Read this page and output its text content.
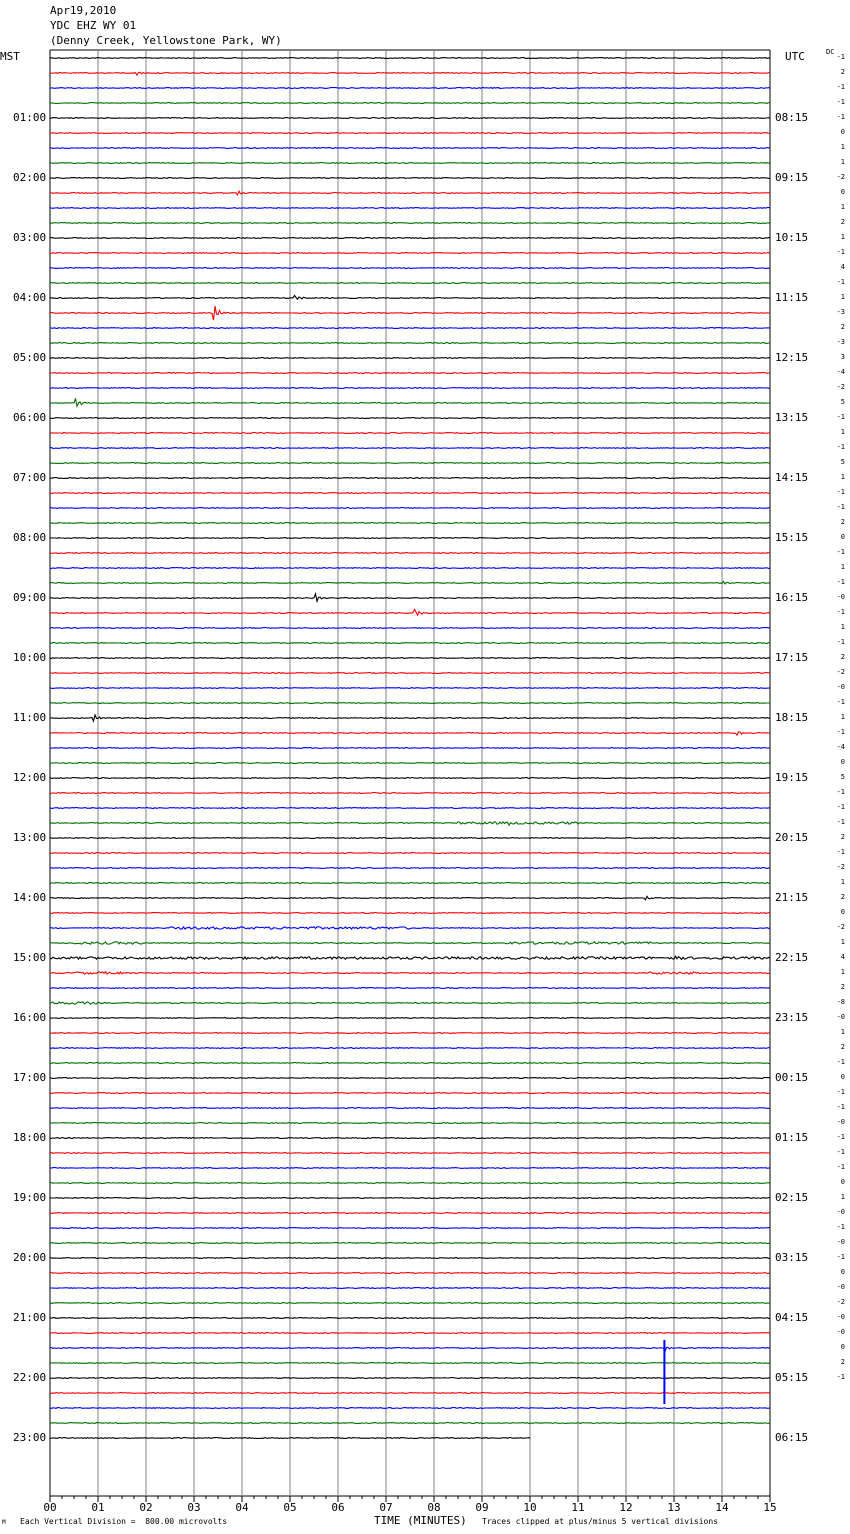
Apr19,2010
YDC EHZ WY 01
(Denny Creek, Yellowstone Park, WY)
MST	UTC	DC
01:00
02:00
03:00
04:00
05:00
06:00
07:00
08:00
09:00
10:00
11:00
12:00
13:00
14:00
15:00
16:00
17:00
18:00
19:00
20:00
21:00
22:00
23:00
08:15
09:15
10:15
11:15
12:15
13:15
14:15
15:15
16:15
17:15
18:15
19:15
20:15
21:15
22:15
23:15
00:15
01:15
02:15
03:15
04:15
05:15
06:15
-1
2
-1
-1
-1
0
1
1
-2
0
1
2
1
-1
4
-1
1
-3
2
-3
3
-4
-2
5
-1
1
-1
5
1
-1
-1
2
0
-1
1
-1
-0
-1
1
-1
2
-2
-0
-1
1
-1
-4
0
5
-1
-1
-1
2
-1
-2
1
2
0
-2
1
4
1
2
-8
-0
1
2
-1
0
-1
-1
-0
-1
-1
-1
0
1
-0
-1
-0
-1
0
-0
-2
-0
-0
0
2
-1
00	01	02	03	04	05	06	07	08	09	10	11	12	13	14	15
M Each Vertical Division =  800.00 microvolts	TIME (MINUTES) Traces clipped at plus/minus 5 vertical divisions
